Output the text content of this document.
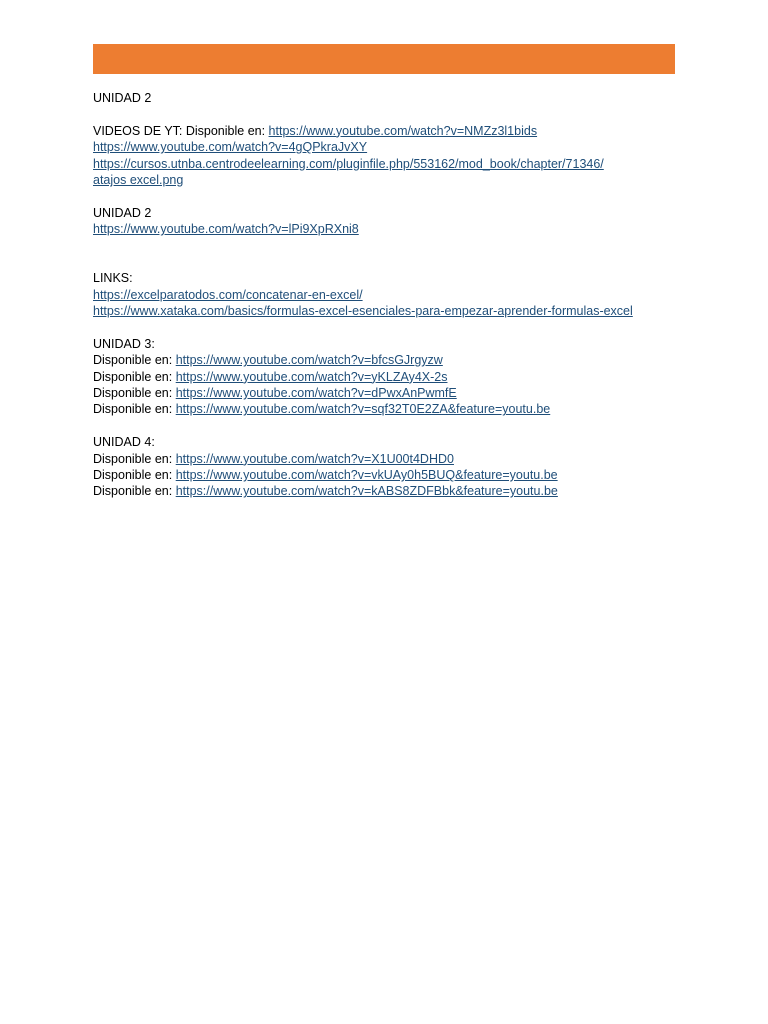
UNIDAD 2
VIDEOS DE YT: Disponible en: https://www.youtube.com/watch?v=NMZz3l1bids
https://www.youtube.com/watch?v=4gQPkraJvXY
https://cursos.utnba.centrodeelearning.com/pluginfile.php/553162/mod_book/chapter/71346/
atajos excel.png
UNIDAD 2
https://www.youtube.com/watch?v=lPi9XpRXni8
LINKS:
https://excelparatodos.com/concatenar-en-excel/
https://www.xataka.com/basics/formulas-excel-esenciales-para-empezar-aprender-formulas-excel
UNIDAD 3:
Disponible en: https://www.youtube.com/watch?v=bfcsGJrgyzw
Disponible en: https://www.youtube.com/watch?v=yKLZAy4X-2s
Disponible en: https://www.youtube.com/watch?v=dPwxAnPwmfE
Disponible en: https://www.youtube.com/watch?v=sqf32T0E2ZA&feature=youtu.be
UNIDAD 4:
Disponible en: https://www.youtube.com/watch?v=X1U00t4DHD0
Disponible en: https://www.youtube.com/watch?v=vkUAy0h5BUQ&feature=youtu.be
Disponible en: https://www.youtube.com/watch?v=kABS8ZDFBbk&feature=youtu.be
